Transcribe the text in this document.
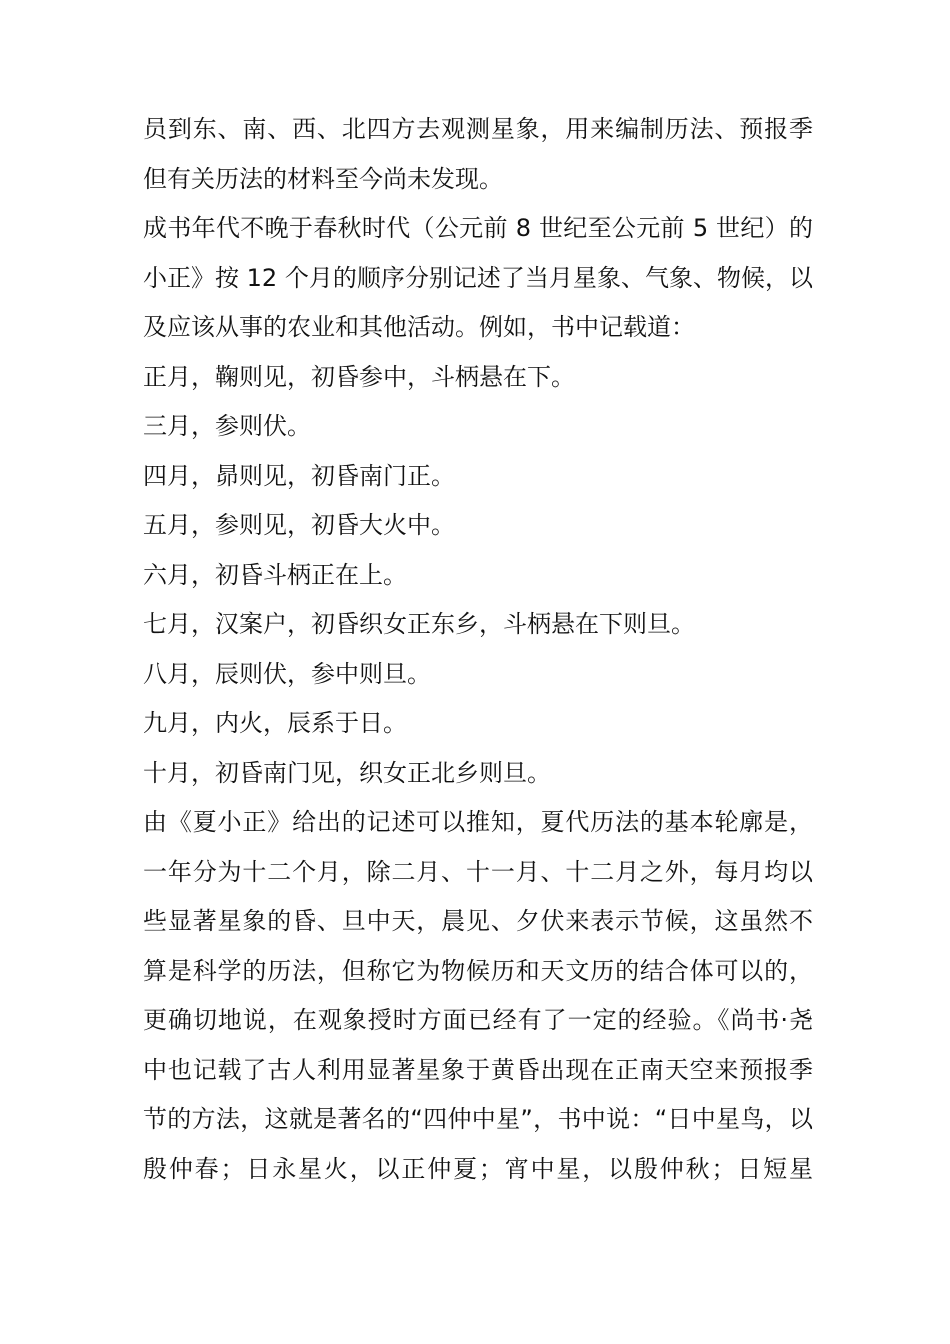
员到东、南、西、北四方去观测星象，用来编制历法、预报季
但有关历法的材料至今尚未发现。
成书年代不晚于春秋时代（公元前 8 世纪至公元前 5 世纪）的
小正》按 12 个月的顺序分别记述了当月星象、气象、物候，以
及应该从事的农业和其他活动。例如，书中记载道：
正月，鞠则见，初昏参中，斗柄悬在下。
三月，参则伏。
四月，昴则见，初昏南门正。
五月，参则见，初昏大火中。
六月，初昏斗柄正在上。
七月，汉案户，初昏织女正东乡，斗柄悬在下则旦。
八月，辰则伏，参中则旦。
九月，内火，辰系于日。
十月，初昏南门见，织女正北乡则旦。
由《夏小正》给出的记述可以推知，夏代历法的基本轮廓是，
一年分为十二个月，除二月、十一月、十二月之外，每月均以
些显著星象的昏、旦中天，晨见、夕伏来表示节候，这虽然不
算是科学的历法，但称它为物候历和天文历的结合体可以的，
更确切地说，在观象授时方面已经有了一定的经验。《尚书·尧
中也记载了古人利用显著星象于黄昏出现在正南天空来预报季
节的方法，这就是著名的“四仲中星”，书中说：“日中星鸟，以
殷仲春；日永星火，以正仲夏；宵中星，以殷仲秋；日短星
